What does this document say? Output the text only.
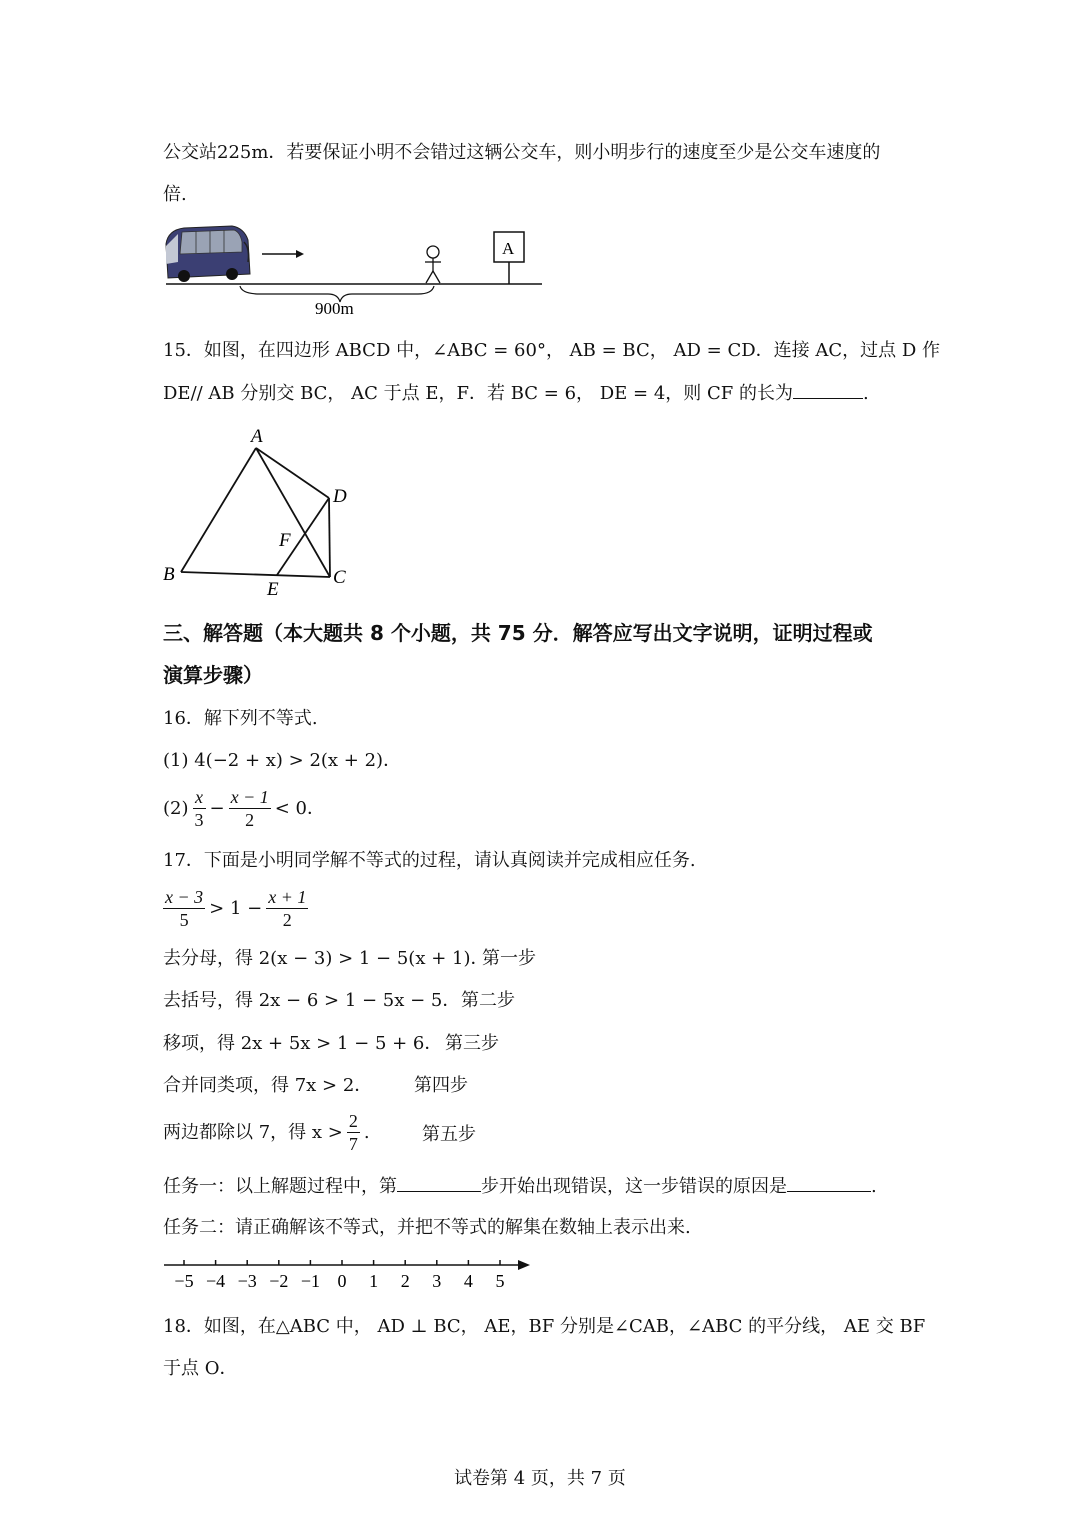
公交站225m．若要保证小明不会错过这辆公交车，则小明步行的速度至少是公交车速度的
倍.
900m
A
15．如图，在四边形 ABCD 中，∠ABC = 60°， AB = BC， AD = CD．连接 AC，过点 D 作
DE// AB 分别交 BC， AC 于点 E，F．若 BC = 6， DE = 4，则 CF 的长为	.
A
D
F
B
E
C
三、解答题（本大题共 8 个小题，共 75 分．解答应写出文字说明，证明过程或
演算步骤）
16．解下列不等式.
(1) 4(−2 + x) > 2(x + 2)．
$(2) \frac{x}{3} - \frac{x - 1}{2} < 0$．
17．下面是小明同学解不等式的过程，请认真阅读并完成相应任务.
$\frac{x - 3}{5} > 1 - \frac{x + 1}{2}$
去分母，得 2(x − 3) > 1 − 5(x + 1)．
第一步
去括号，得 2x − 6 > 1 − 5x − 5． 第二步
移项，得 2x + 5x > 1 − 5 + 6． 第三步
合并同类项，得 7x > 2． 第四步
两边都除以 7，得 $x > \frac{2}{7}$ .	第五步
任务一：以上解题过程中，第	步开始出现错误，这一步错误的原因是	.
任务二：请正确解该不等式，并把不等式的解集在数轴上表示出来.
−5 −4 −3 −2 −1 0 1 2 3 4 5
18．如图，在△ABC 中， AD ⊥ BC， AE，BF 分别是∠CAB，∠ABC 的平分线， AE 交 BF
于点 O．
试卷第 4 页，共 7 页
